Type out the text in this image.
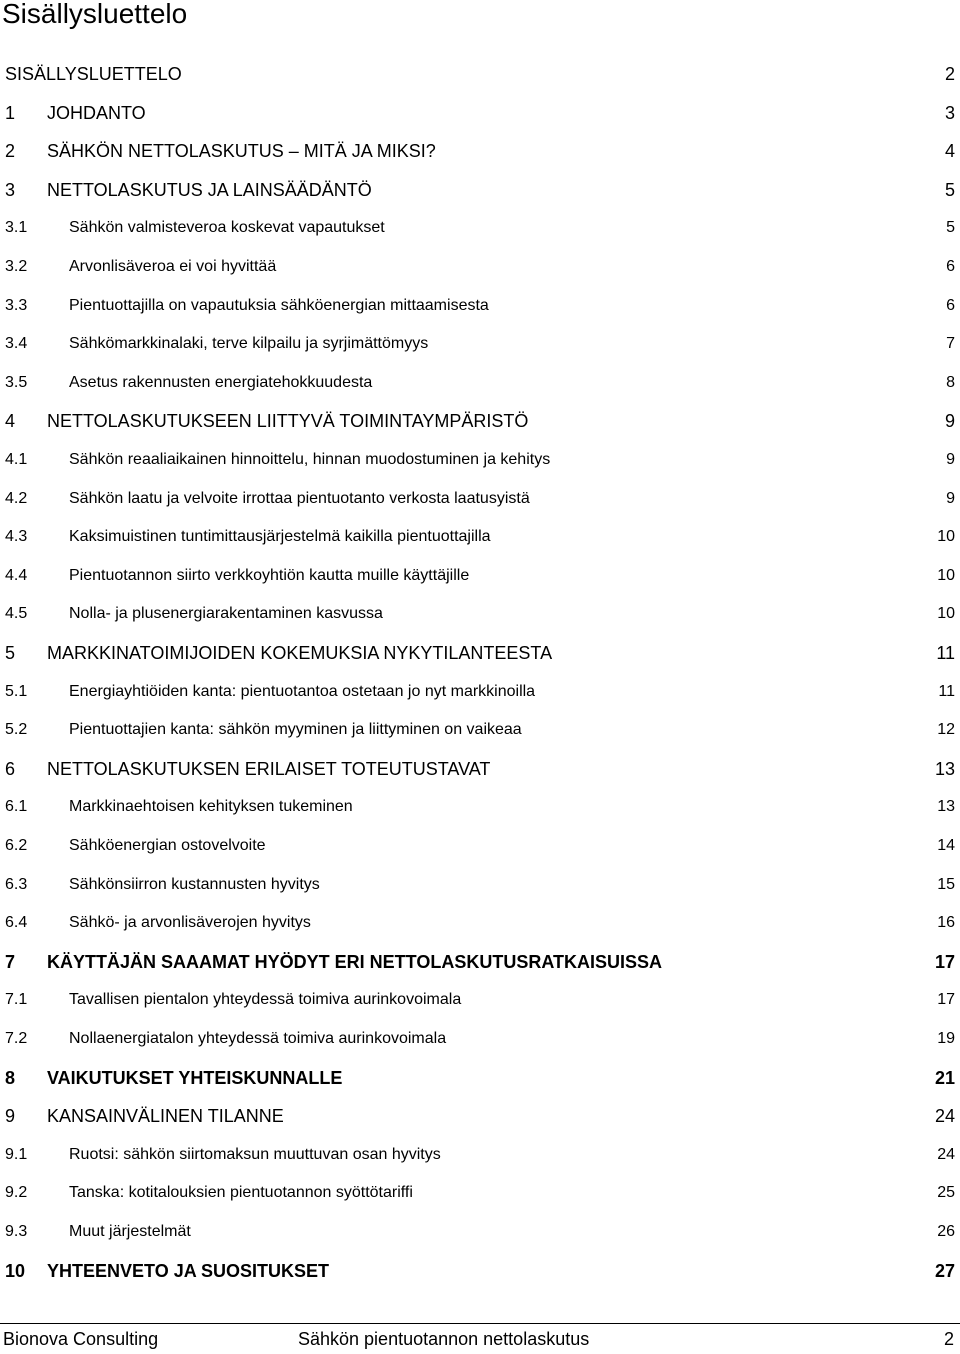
Sisällysluettelo
SISÄLLYSLUETTELO	2
1	JOHDANTO	3
2	SÄHKÖN NETTOLASKUTUS – MITÄ JA MIKSI?	4
3	NETTOLASKUTUS JA LAINSÄÄDÄNTÖ	5
3.1	Sähkön valmisteveroa koskevat vapautukset	5
3.2	Arvonlisäveroa ei voi hyvittää	6
3.3	Pientuottajilla on vapautuksia sähköenergian mittaamisesta	6
3.4	Sähkömarkkinalaki, terve kilpailu ja syrjimättömyys	7
3.5	Asetus rakennusten energiatehokkuudesta	8
4	NETTOLASKUTUKSEEN LIITTYVÄ TOIMINTAYMPÄRISTÖ	9
4.1	Sähkön reaaliaikainen hinnoittelu, hinnan muodostuminen ja kehitys	9
4.2	Sähkön laatu ja velvoite irrottaa pientuotanto verkosta laatusyistä	9
4.3	Kaksimuistinen tuntimittausjärjestelmä kaikilla pientuottajilla	10
4.4	Pientuotannon siirto verkkoyhtiön kautta muille käyttäjille	10
4.5	Nolla- ja plusenergiarakentaminen kasvussa	10
5	MARKKINATOIMIJOIDEN KOKEMUKSIA NYKYTILANTEESTA	11
5.1	Energiayhtiöiden kanta: pientuotantoa ostetaan jo nyt markkinoilla	11
5.2	Pientuottajien kanta: sähkön myyminen ja liittyminen on vaikeaa	12
6	NETTOLASKUTUKSEN ERILAISET TOTEUTUSTAVAT	13
6.1	Markkinaehtoisen kehityksen tukeminen	13
6.2	Sähköenergian ostovelvoite	14
6.3	Sähkönsiirron kustannusten hyvitys	15
6.4	Sähkö- ja arvonlisäverojen hyvitys	16
7	KÄYTTÄJÄN SAAAMAT HYÖDYT ERI NETTOLASKUTUSRATKAISUISSA	17
7.1	Tavallisen pientalon yhteydessä toimiva aurinkovoimala	17
7.2	Nollaenergiatalon yhteydessä toimiva aurinkovoimala	19
8	VAIKUTUKSET YHTEISKUNNALLE	21
9	KANSAINVÄLINEN TILANNE	24
9.1	Ruotsi: sähkön siirtomaksun muuttuvan osan hyvitys	24
9.2	Tanska: kotitalouksien pientuotannon syöttötariffi	25
9.3	Muut järjestelmät	26
10	YHTEENVETO JA SUOSITUKSET	27
Bionova Consulting	Sähkön pientuotannon nettolaskutus	2
